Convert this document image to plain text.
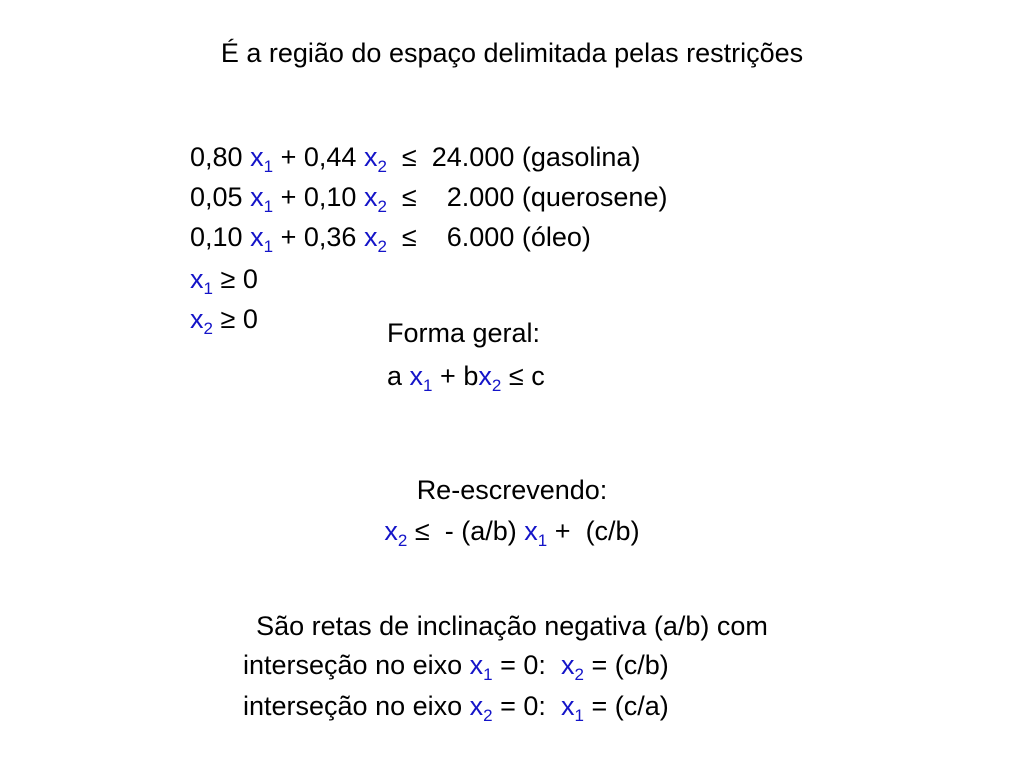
É a região do espaço delimitada pelas restrições
0,80 $x_1 + 0,44$ $x_2 \le 24.000$ (gasolina)
0,05 $x_1 + 0,10$ $x_2 \le 2.000$ (querosene)
0,10 $x_1 + 0,36$ $x_2 \le 6.000$ (óleo)
$x_1 \ge 0$
$x_2 \ge 0$	Forma geral:
a $x_1 + bx_2 \le c$
Re-escrevendo:
$x_2$ ≤ - (a/b) $x_1 + (c/b)$
São retas de inclinação negativa (a/b) com
interseção no eixo $x_1 = 0$: $x_2 = (c/b)$
interseção no eixo $x_2 = 0$: $x_1 = (c/a)$
